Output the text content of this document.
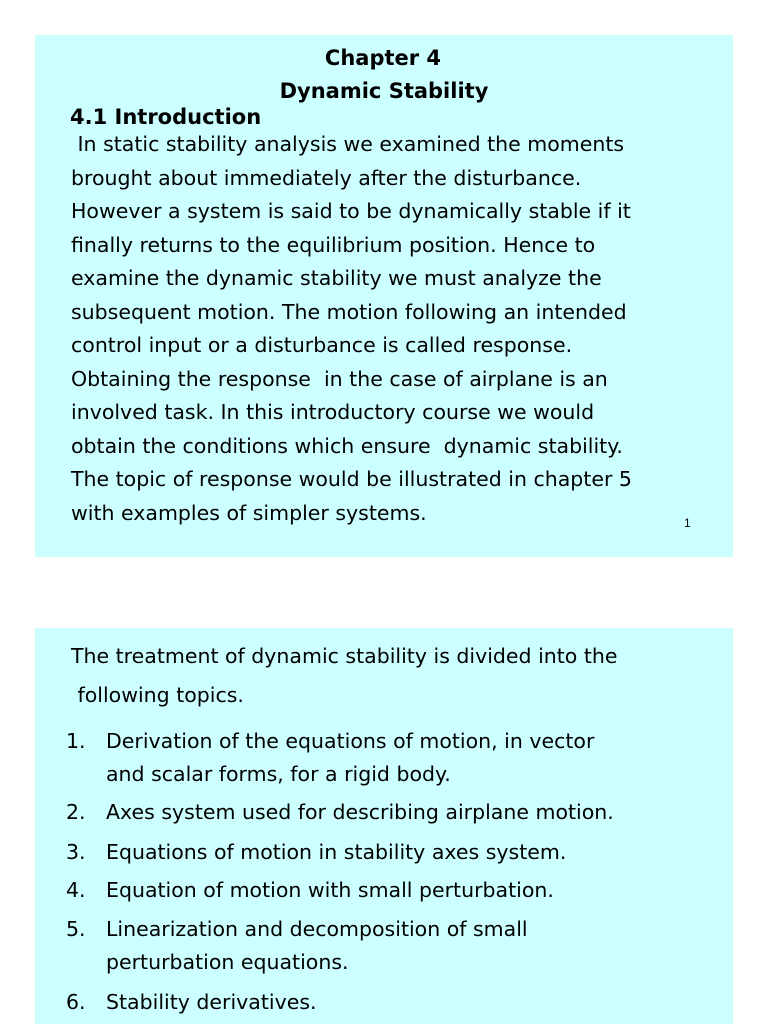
Chapter 4
Dynamic Stability
4.1 Introduction
In static stability analysis we examined the moments
brought about immediately after the disturbance.
However a system is said to be dynamically stable if it
finally returns to the equilibrium position. Hence to
examine the dynamic stability we must analyze the
subsequent motion. The motion following an intended
control input or a disturbance is called response.
Obtaining the response  in the case of airplane is an
involved task. In this introductory course we would
obtain the conditions which ensure  dynamic stability.
The topic of response would be illustrated in chapter 5
with examples of simpler systems.	1
The treatment of dynamic stability is divided into the
following topics.
1. Derivation of the equations of motion, in vector
and scalar forms, for a rigid body.
2. Axes system used for describing airplane motion.
3. Equations of motion in stability axes system.
4. Equation of motion with small perturbation.
5. Linearization and decomposition of small
perturbation equations.
6. Stability derivatives.
